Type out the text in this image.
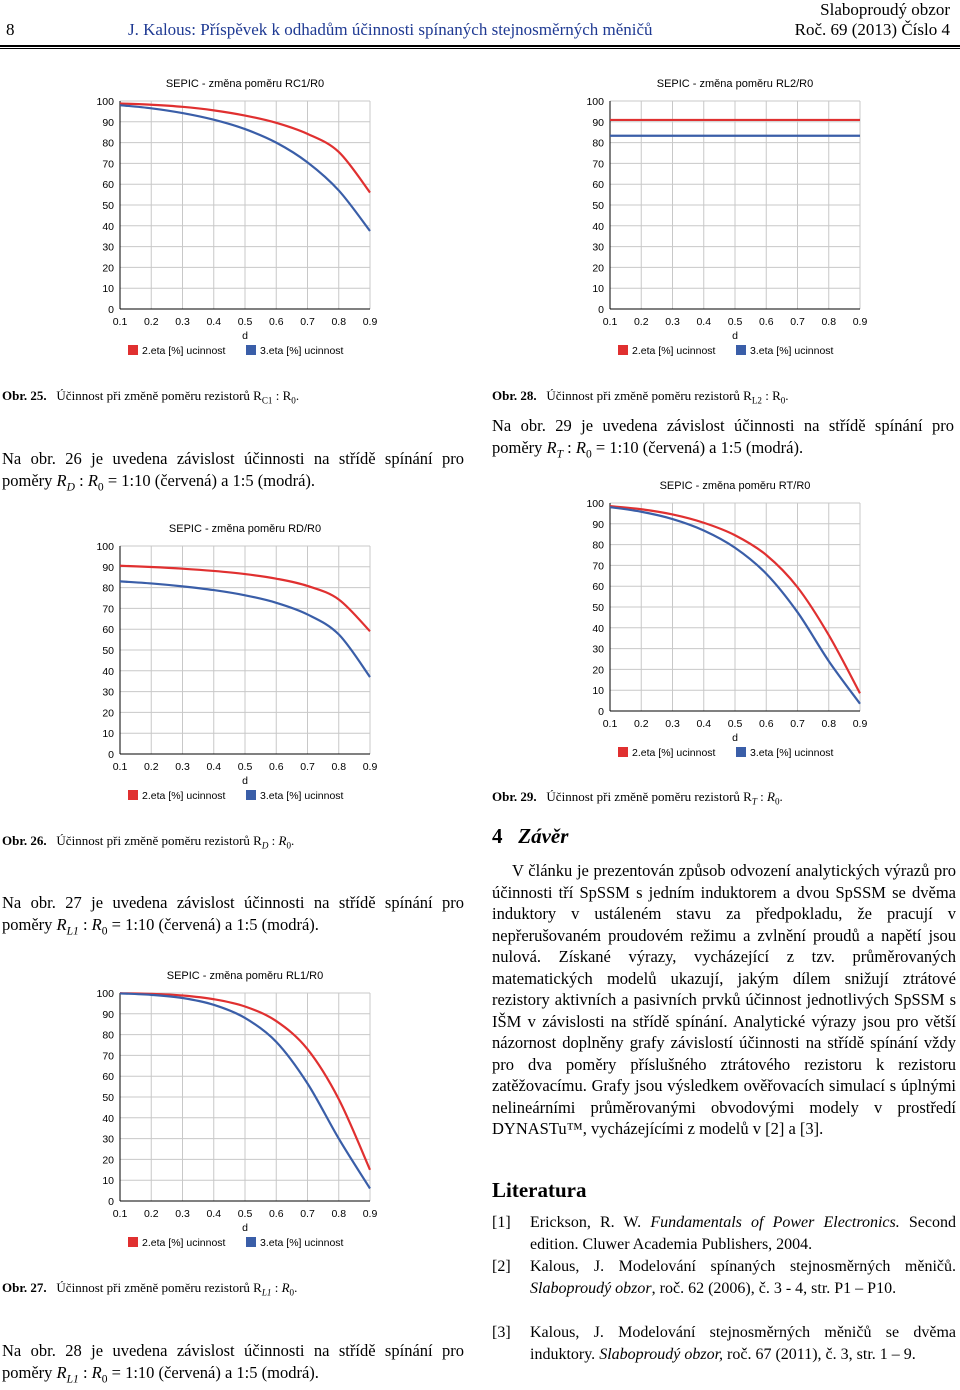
8	J. Kalous: Příspěvek k odhadům účinnosti spínaných stejnosměrných měničů
Slaboproudý obzor
Roč. 69 (2013) Číslo 4
SEPIC - změna poměru RC1/R0
0
10
20
30
40
50
60
70
80
90
100
0.1 0.2 0.3 0.4 0.5 0.6 0.7 0.8 0.9
d
2.eta [%] ucinnost	3.eta [%] ucinnost
SEPIC - změna poměru RL2/R0
0
10
20
30
40
50
60
70
80
90
100
0.1 0.2 0.3 0.4 0.5 0.6 0.7 0.8 0.9
d
2.eta [%] ucinnost	3.eta [%] ucinnost
SEPIC - změna poměru RD/R0
0
10
20
30
40
50
60
70
80
90
100
0.1 0.2 0.3 0.4 0.5 0.6 0.7 0.8 0.9
d
2.eta [%] ucinnost	3.eta [%] ucinnost
SEPIC - změna poměru RL1/R0
0
10
20
30
40
50
60
70
80
90
100
0.1 0.2 0.3 0.4 0.5 0.6 0.7 0.8 0.9
d
2.eta [%] ucinnost	3.eta [%] ucinnost
SEPIC - změna poměru RT/R0
0
10
20
30
40
50
60
70
80
90
100
0.1 0.2 0.3 0.4 0.5 0.6 0.7 0.8 0.9
d
2.eta [%] ucinnost	3.eta [%] ucinnost
Obr. 25. Účinnost při změně poměru rezistorů $R_{C1}$ : $R_0$.	Obr. 28. Účinnost při změně poměru rezistorů $R_{L2}$ : $R_0$.
Na obr. 26 je uvedena závislost účinnosti na střídě spínání pro poměry $R_D$ : $R_0$ = 1:10 (červená) a 1:5 (modrá).
Na obr. 29 je uvedena závislost účinnosti na střídě spínání pro poměry $R_T$ : $R_0$ = 1:10 (červená) a 1:5 (modrá).
Obr. 29. Účinnost při změně poměru rezistorů $R_T$ : $R_0$.
Obr. 26. Účinnost při změně poměru rezistorů $R_D$ : $R_0$.	4 Závěr
V článku je prezentován způsob odvození analytických výrazů pro účinnosti tří SpSSM s jedním induktorem a dvou SpSSM se dvěma induktory v ustáleném stavu za předpokladu, že pracují v nepřerušovaném proudovém režimu a zvlnění proudů a napětí jsou nulová. Získané výrazy, vycházející z tzv. průměrovaných matematických modelů ukazují, jakým dílem snižují ztrátové rezistory aktivních a pasivních prvků účinnost jednotlivých SpSSM s IŠM v závislosti na střídě spínání. Analytické výrazy jsou pro větší názornost doplněny grafy závislostí účinnosti na střídě spínání vždy pro dva poměry příslušného ztrátového rezistoru k rezistoru zatěžovacímu. Grafy jsou výsledkem ověřovacích simulací s úplnými nelineárními průměrovanými obvodovými modely v prostředí DYNASTu™, vycházejícími z modelů v [2] a [3].
Na obr. 27 je uvedena závislost účinnosti na střídě spínání pro poměry $R_{L1}$ : $R_0$ = 1:10 (červená) a 1:5 (modrá).
Literatura
[1] Erickson, R. W. Fundamentals of Power Electronics. Second edition. Cluwer Academia Publishers, 2004.
[2] Kalous, J. Modelování spínaných stejnosměrných měničů. Slaboproudý obzor, roč. 62 (2006), č. 3 - 4, str. P1 – P10.
[3] Kalous, J. Modelování stejnosměrných měničů se dvěma induktory. Slaboproudý obzor, roč. 67 (2011), č. 3, str. 1 – 9.
Obr. 27. Účinnost při změně poměru rezistorů $R_{L1}$ : $R_0$.
Na obr. 28 je uvedena závislost účinnosti na střídě spínání pro poměry $R_{L1}$ : $R_0$ = 1:10 (červená) a 1:5 (modrá).
